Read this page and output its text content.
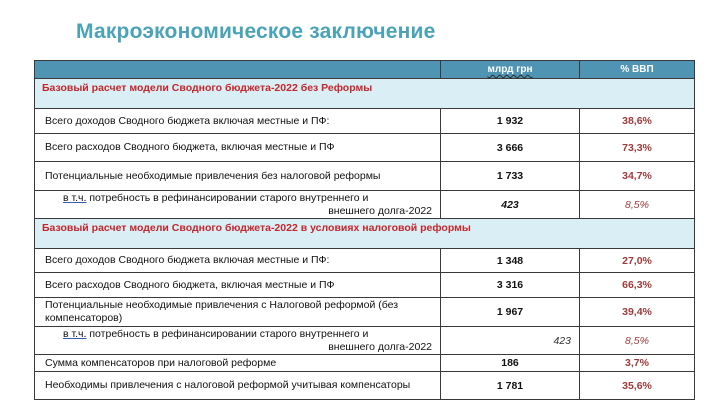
Макроэкономическое заключение
	млрд грн	% ВВП
Базовый расчет модели Сводного бюджета-2022 без Реформы		
Всего доходов Сводного бюджета включая местные и ПФ:	1 932	38,6%
Всего расходов Сводного бюджета, включая местные и ПФ	3 666	73,3%
Потенциальные необходимые привлечения без налоговой реформы	1 733	34,7%

в т.ч. потребность в рефинансировании старого внутреннего и
внешнего долга-2022	423	8,5%
Базовый расчет модели Сводного бюджета-2022 в условиях налоговой реформы		
Всего доходов Сводного бюджета включая местные и ПФ:	1 348	27,0%
Всего расходов Сводного бюджета, включая местные и ПФ	3 316	66,3%
Потенциальные необходимые привлечения с Налоговой реформой (без компенсаторов)	1 967	39,4%

в т.ч. потребность в рефинансировании старого внутреннего и
внешнего долга-2022	423	8,5%
Сумма компенсаторов при налоговой реформе	186	3,7%
Необходимы привлечения с налоговой реформой учитывая компенсаторы	1 781	35,6%
